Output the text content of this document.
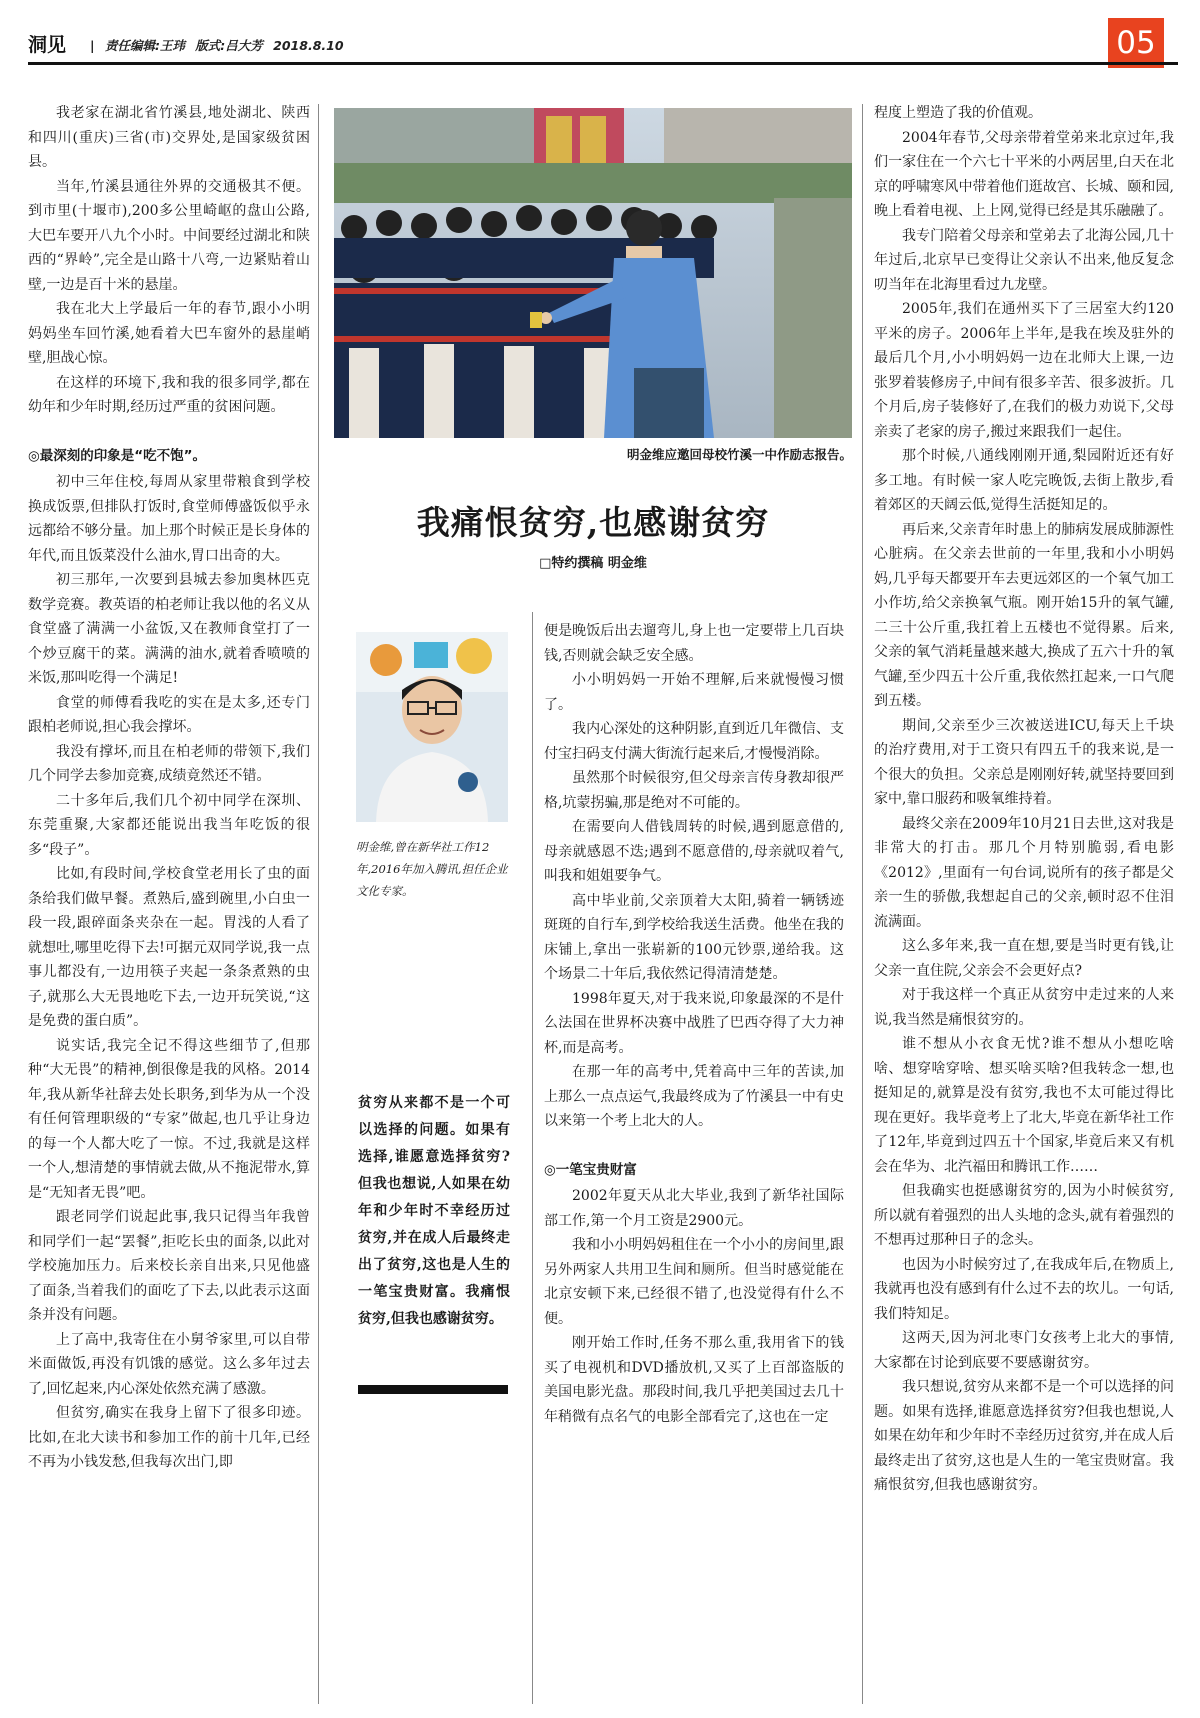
洞见 | 责任编辑:王玮 版式:吕大芳 2018.8.10	05

我老家在湖北省竹溪县,地处湖北、陕西和四川(重庆)三省(市)交界处,是国家级贫困县。

当年,竹溪县通往外界的交通极其不便。到市里(十堰市),200多公里崎岖的盘山公路,大巴车要开八九个小时。中间要经过湖北和陕西的“界岭”,完全是山路十八弯,一边紧贴着山壁,一边是百十米的悬崖。

我在北大上学最后一年的春节,跟小小明妈妈坐车回竹溪,她看着大巴车窗外的悬崖峭壁,胆战心惊。

在这样的环境下,我和我的很多同学,都在幼年和少年时期,经历过严重的贫困问题。

◎最深刻的印象是“吃不饱”。

初中三年住校,每周从家里带粮食到学校换成饭票,但排队打饭时,食堂师傅盛饭似乎永远都给不够分量。加上那个时候正是长身体的年代,而且饭菜没什么油水,胃口出奇的大。

初三那年,一次要到县城去参加奥林匹克数学竞赛。教英语的柏老师让我以他的名义从食堂盛了满满一小盆饭,又在教师食堂打了一个炒豆腐干的菜。满满的油水,就着香喷喷的米饭,那叫吃得一个满足!

食堂的师傅看我吃的实在是太多,还专门跟柏老师说,担心我会撑坏。

我没有撑坏,而且在柏老师的带领下,我们几个同学去参加竞赛,成绩竟然还不错。

二十多年后,我们几个初中同学在深圳、东莞重聚,大家都还能说出我当年吃饭的很多“段子”。

比如,有段时间,学校食堂老用长了虫的面条给我们做早餐。煮熟后,盛到碗里,小白虫一段一段,跟碎面条夹杂在一起。胃浅的人看了就想吐,哪里吃得下去!可据元双同学说,我一点事儿都没有,一边用筷子夹起一条条煮熟的虫子,就那么大无畏地吃下去,一边开玩笑说,“这是免费的蛋白质”。

说实话,我完全记不得这些细节了,但那种“大无畏”的精神,倒很像是我的风格。2014年,我从新华社辞去处长职务,到华为从一个没有任何管理职级的“专家”做起,也几乎让身边的每一个人都大吃了一惊。不过,我就是这样一个人,想清楚的事情就去做,从不拖泥带水,算是“无知者无畏”吧。

跟老同学们说起此事,我只记得当年我曾和同学们一起“罢餐”,拒吃长虫的面条,以此对学校施加压力。后来校长亲自出来,只见他盛了面条,当着我们的面吃了下去,以此表示这面条并没有问题。

上了高中,我寄住在小舅爷家里,可以自带米面做饭,再没有饥饿的感觉。这么多年过去了,回忆起来,内心深处依然充满了感激。

但贫穷,确实在我身上留下了很多印迹。比如,在北大读书和参加工作的前十几年,已经不再为小钱发愁,但我每次出门,即

明金维应邀回母校竹溪一中作励志报告。
我痛恨贫穷,也感谢贫穷
□特约撰稿 明金维
明金维,曾在新华社工作12年,2016年加入腾讯,担任企业文化专家。
贫穷从来都不是一个可以选择的问题。如果有选择,谁愿意选择贫穷?但我也想说,人如果在幼年和少年时不幸经历过贫穷,并在成人后最终走出了贫穷,这也是人生的一笔宝贵财富。我痛恨贫穷,但我也感谢贫穷。

便是晚饭后出去遛弯儿,身上也一定要带上几百块钱,否则就会缺乏安全感。

小小明妈妈一开始不理解,后来就慢慢习惯了。

我内心深处的这种阴影,直到近几年微信、支付宝扫码支付满大街流行起来后,才慢慢消除。

虽然那个时候很穷,但父母亲言传身教却很严格,坑蒙拐骗,那是绝对不可能的。

在需要向人借钱周转的时候,遇到愿意借的,母亲就感恩不迭;遇到不愿意借的,母亲就叹着气,叫我和姐姐要争气。

高中毕业前,父亲顶着大太阳,骑着一辆锈迹斑斑的自行车,到学校给我送生活费。他坐在我的床铺上,拿出一张崭新的100元钞票,递给我。这个场景二十年后,我依然记得清清楚楚。

1998年夏天,对于我来说,印象最深的不是什么法国在世界杯决赛中战胜了巴西夺得了大力神杯,而是高考。

在那一年的高考中,凭着高中三年的苦读,加上那么一点点运气,我最终成为了竹溪县一中有史以来第一个考上北大的人。

◎一笔宝贵财富

2002年夏天从北大毕业,我到了新华社国际部工作,第一个月工资是2900元。

我和小小明妈妈租住在一个小小的房间里,跟另外两家人共用卫生间和厕所。但当时感觉能在北京安顿下来,已经很不错了,也没觉得有什么不便。

刚开始工作时,任务不那么重,我用省下的钱买了电视机和DVD播放机,又买了上百部盗版的美国电影光盘。那段时间,我几乎把美国过去几十年稍微有点名气的电影全部看完了,这也在一定

程度上塑造了我的价值观。

2004年春节,父母亲带着堂弟来北京过年,我们一家住在一个六七十平米的小两居里,白天在北京的呼啸寒风中带着他们逛故宫、长城、颐和园,晚上看着电视、上上网,觉得已经是其乐融融了。

我专门陪着父母亲和堂弟去了北海公园,几十年过后,北京早已变得让父亲认不出来,他反复念叨当年在北海里看过九龙壁。

2005年,我们在通州买下了三居室大约120平米的房子。2006年上半年,是我在埃及驻外的最后几个月,小小明妈妈一边在北师大上课,一边张罗着装修房子,中间有很多辛苦、很多波折。几个月后,房子装修好了,在我们的极力劝说下,父母亲卖了老家的房子,搬过来跟我们一起住。

那个时候,八通线刚刚开通,梨园附近还有好多工地。有时候一家人吃完晚饭,去街上散步,看着郊区的天阔云低,觉得生活挺知足的。

再后来,父亲青年时患上的肺病发展成肺源性心脏病。在父亲去世前的一年里,我和小小明妈妈,几乎每天都要开车去更远郊区的一个氧气加工小作坊,给父亲换氧气瓶。刚开始15升的氧气罐,二三十公斤重,我扛着上五楼也不觉得累。后来,父亲的氧气消耗量越来越大,换成了五六十升的氧气罐,至少四五十公斤重,我依然扛起来,一口气爬到五楼。

期间,父亲至少三次被送进ICU,每天上千块的治疗费用,对于工资只有四五千的我来说,是一个很大的负担。父亲总是刚刚好转,就坚持要回到家中,靠口服药和吸氧维持着。

最终父亲在2009年10月21日去世,这对我是非常大的打击。那几个月特别脆弱,看电影《2012》,里面有一句台词,说所有的孩子都是父亲一生的骄傲,我想起自己的父亲,顿时忍不住泪流满面。

这么多年来,我一直在想,要是当时更有钱,让父亲一直住院,父亲会不会更好点?

对于我这样一个真正从贫穷中走过来的人来说,我当然是痛恨贫穷的。

谁不想从小衣食无忧?谁不想从小想吃啥啥、想穿啥穿啥、想买啥买啥?但我转念一想,也挺知足的,就算是没有贫穷,我也不太可能过得比现在更好。我毕竟考上了北大,毕竟在新华社工作了12年,毕竟到过四五十个国家,毕竟后来又有机会在华为、北汽福田和腾讯工作……

但我确实也挺感谢贫穷的,因为小时候贫穷,所以就有着强烈的出人头地的念头,就有着强烈的不想再过那种日子的念头。

也因为小时候穷过了,在我成年后,在物质上,我就再也没有感到有什么过不去的坎儿。一句话,我们特知足。

这两天,因为河北枣门女孩考上北大的事情,大家都在讨论到底要不要感谢贫穷。

我只想说,贫穷从来都不是一个可以选择的问题。如果有选择,谁愿意选择贫穷?但我也想说,人如果在幼年和少年时不幸经历过贫穷,并在成人后最终走出了贫穷,这也是人生的一笔宝贵财富。我痛恨贫穷,但我也感谢贫穷。
